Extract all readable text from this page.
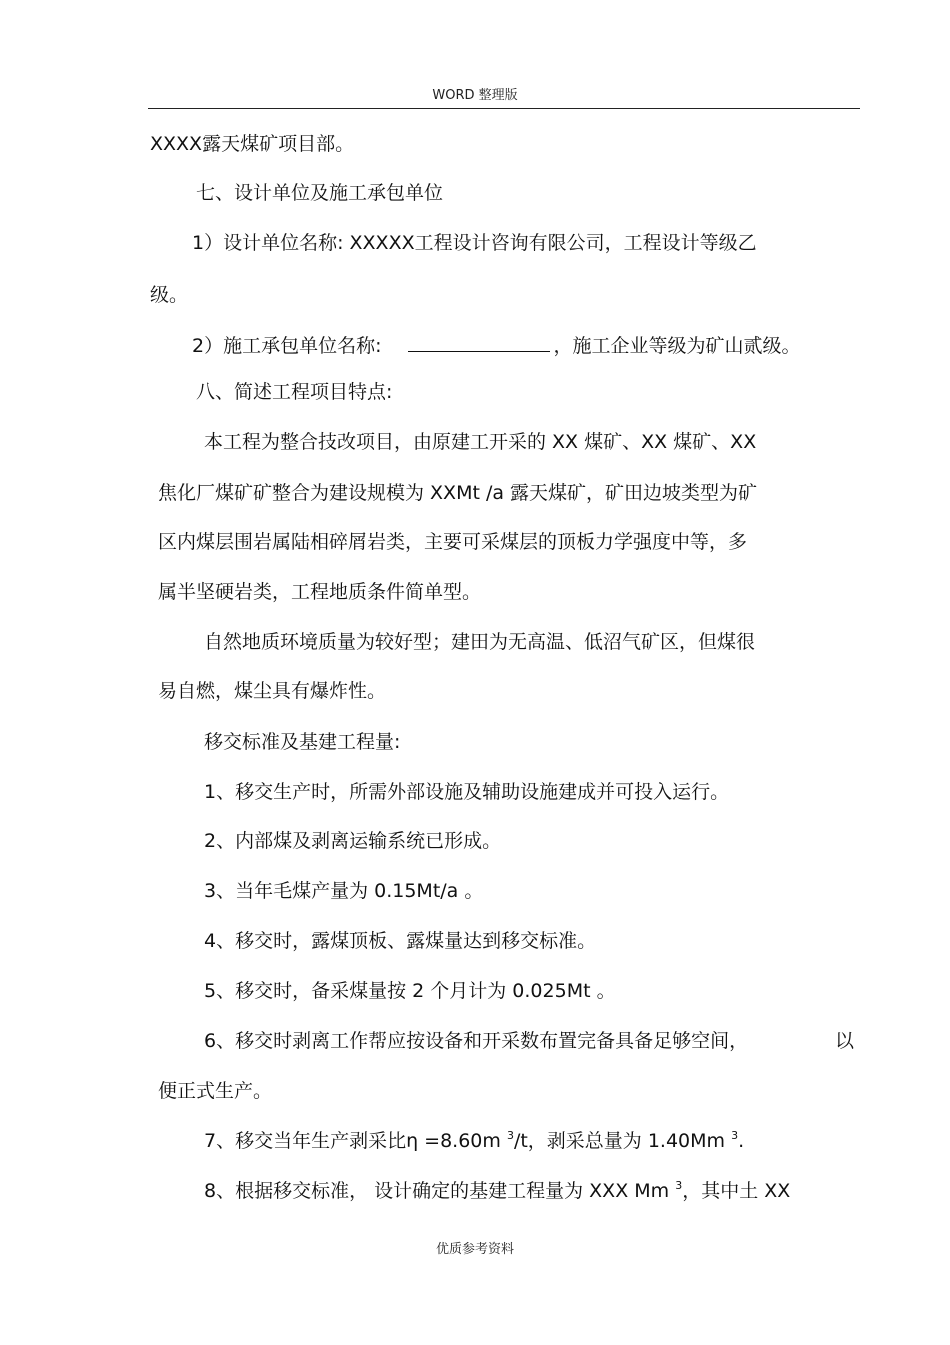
WORD 整理版
XXXX露天煤矿项目部。
七、设计单位及施工承包单位
1）设计单位名称: XXXXX工程设计咨询有限公司，工程设计等级乙
级。
2）施工承包单位名称:	，施工企业等级为矿山贰级。
八、简述工程项目特点:
本工程为整合技改项目，由原建工开采的 XX 煤矿、XX 煤矿、XX
焦化厂煤矿矿整合为建设规模为 XXMt /a 露天煤矿，矿田边坡类型为矿
区内煤层围岩属陆相碎屑岩类，主要可采煤层的顶板力学强度中等，多
属半坚硬岩类，工程地质条件简单型。
自然地质环境质量为较好型；建田为无高温、低沼气矿区，但煤很
易自燃，煤尘具有爆炸性。
移交标准及基建工程量:
1、移交生产时，所需外部设施及辅助设施建成并可投入运行。
2、内部煤及剥离运输系统已形成。
3、当年毛煤产量为 0.15Mt/a 。
4、移交时，露煤顶板、露煤量达到移交标准。
5、移交时，备采煤量按 2 个月计为 0.025Mt 。
6、移交时剥离工作帮应按设备和开采数布置完备具备足够空间，	以
便正式生产。
7、移交当年生产剥采比η =8.60m $^3$/t，剥采总量为 1.40Mm $^3$.
8、根据移交标准， 设计确定的基建工程量为 XXX Mm $^3$，其中土 XX
优质参考资料
